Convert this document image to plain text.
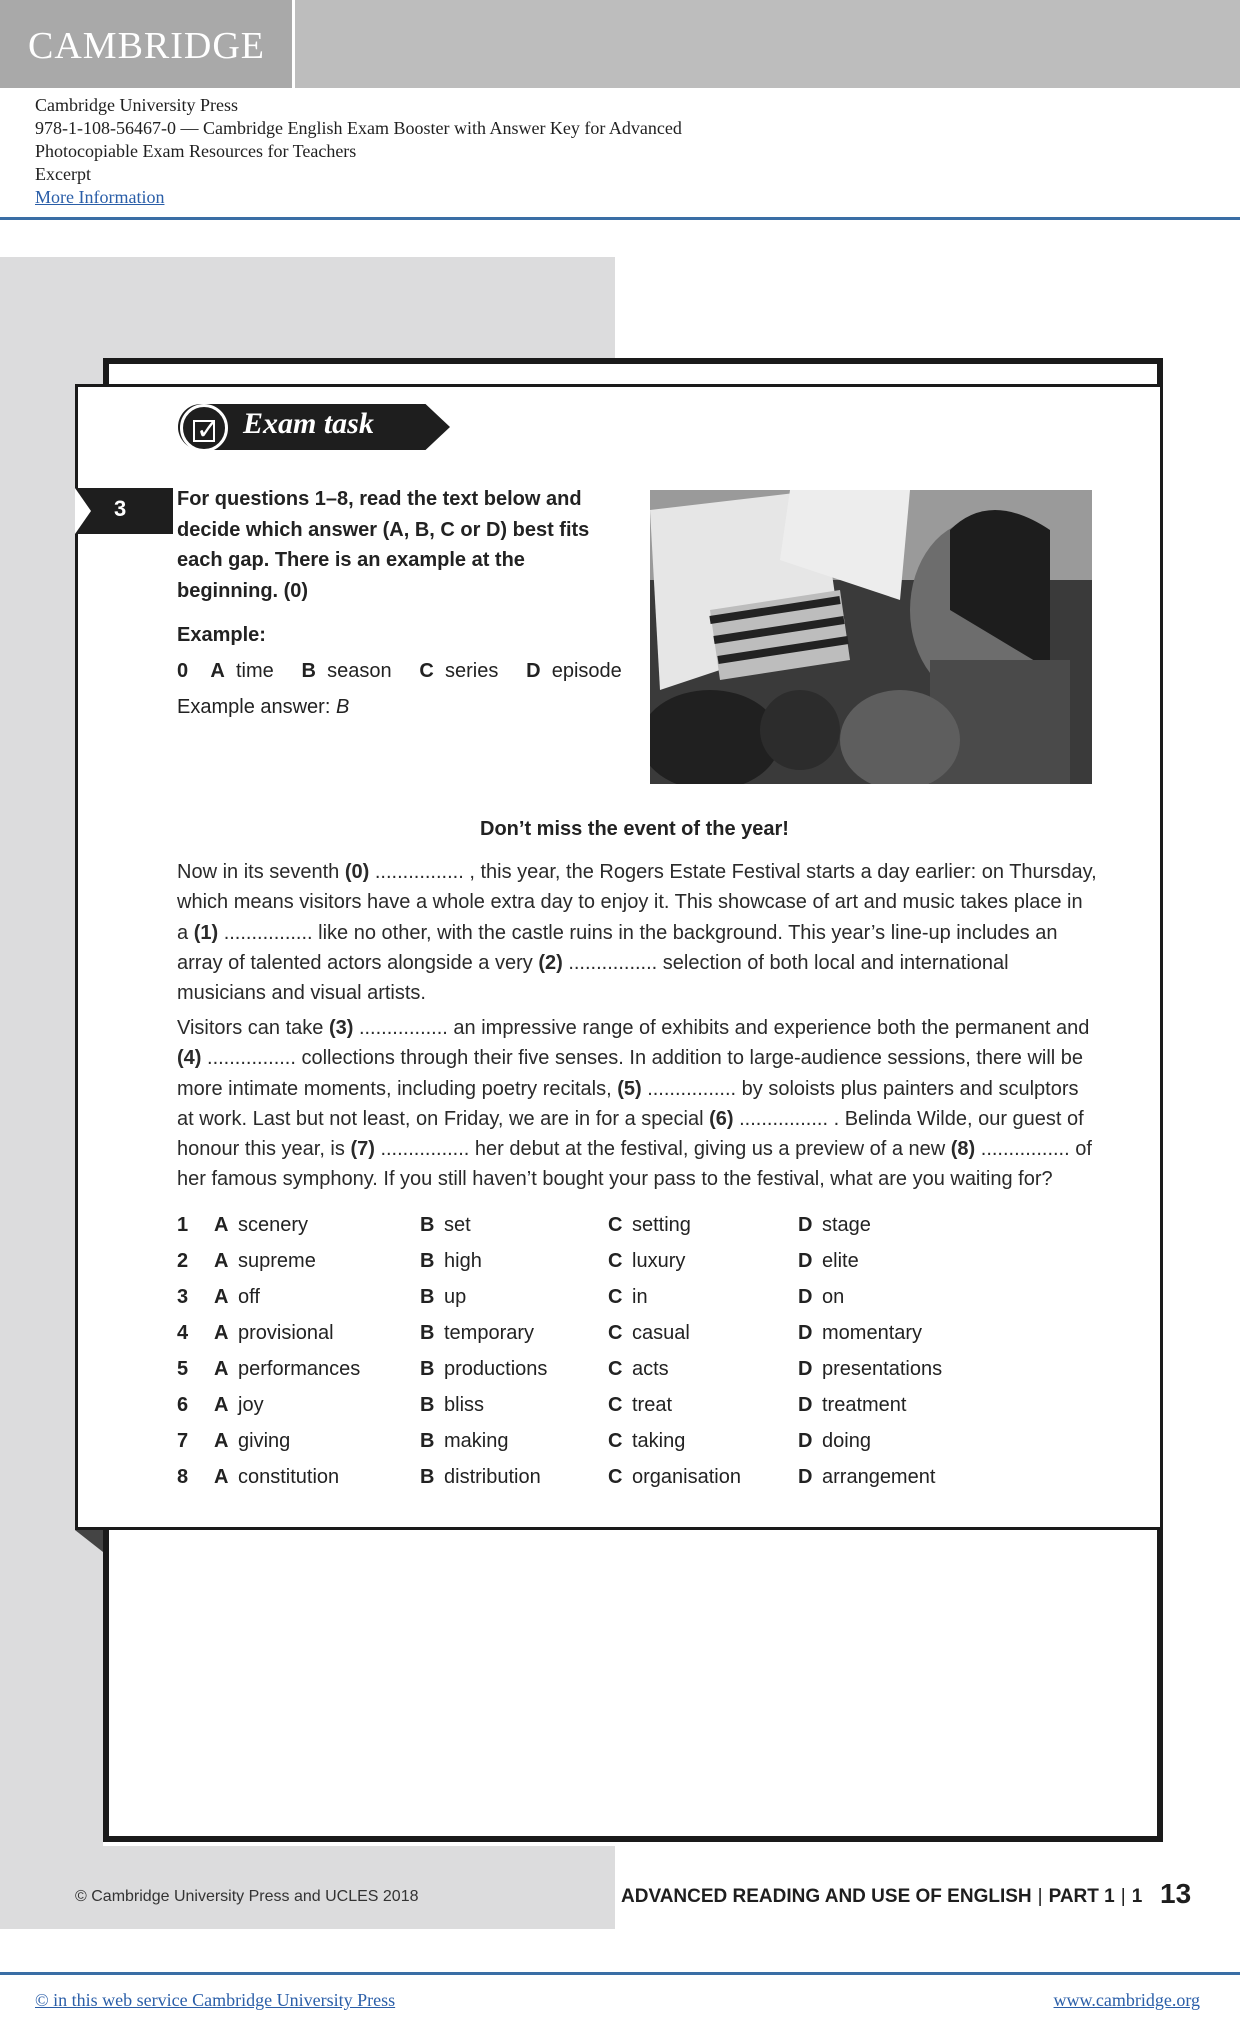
CAMBRIDGE
Cambridge University Press
978-1-108-56467-0 — Cambridge English Exam Booster with Answer Key for Advanced
Photocopiable Exam Resources for Teachers
Excerpt
More Information
✓ Exam task
3	For questions 1–8, read the text below and decide which answer (A, B, C or D) best fits each gap. There is an example at the beginning. (0)
Example:
0 A time B season C series D episode
Example answer: B
Don’t miss the event of the year!
Now in its seventh (0) ................ , this year, the Rogers Estate Festival starts a day earlier: on Thursday, which means visitors have a whole extra day to enjoy it. This showcase of art and music takes place in a (1) ................ like no other, with the castle ruins in the background. This year’s line-up includes an array of talented actors alongside a very (2) ................ selection of both local and international musicians and visual artists.
Visitors can take (3) ................ an impressive range of exhibits and experience both the permanent and (4) ................ collections through their five senses. In addition to large-audience sessions, there will be more intimate moments, including poetry recitals, (5) ................ by soloists plus painters and sculptors at work. Last but not least, on Friday, we are in for a special (6) ................ . Belinda Wilde, our guest of honour this year, is (7) ................ her debut at the festival, giving us a preview of a new (8) ................ of her famous symphony. If you still haven’t bought your pass to the festival, what are you waiting for?
1 A scenery	B set	C setting	D stage
2 A supreme	B high	C luxury	D elite
3 A off	B up	C in	D on
4 A provisional	B temporary	C casual	D momentary
5 A performances	B productions	C acts	D presentations
6 A joy	B bliss	C treat	D treatment
7 A giving	B making	C taking	D doing
8 A constitution	B distribution	C organisation	D arrangement
© Cambridge University Press and UCLES 2018	ADVANCED READING AND USE OF ENGLISH | PART 1 | 1 13
© in this web service Cambridge University Press	www.cambridge.org
